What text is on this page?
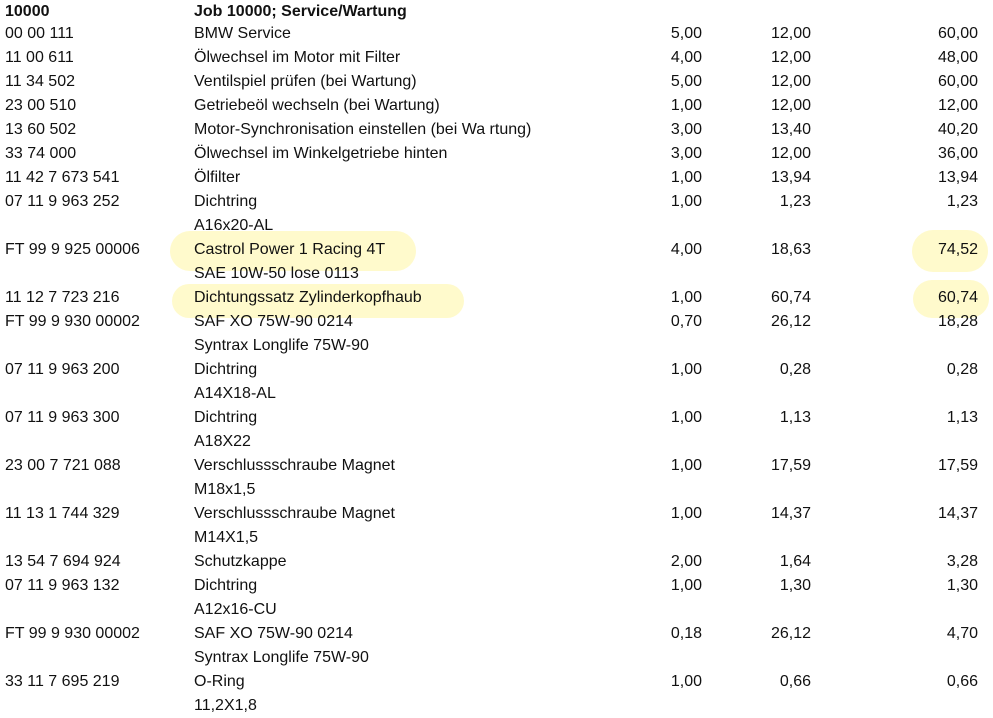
10000	Job 10000; Service/Wartung
00 00 111	BMW Service	5,00	12,00	60,00
11 00 611	Ölwechsel im Motor mit Filter	4,00	12,00	48,00
11 34 502	Ventilspiel prüfen (bei Wartung)	5,00	12,00	60,00
23 00 510	Getriebeöl wechseln (bei Wartung)	1,00	12,00	12,00
13 60 502	Motor-Synchronisation einstellen (bei Wa rtung)	3,00	13,40	40,20
33 74 000	Ölwechsel im Winkelgetriebe hinten	3,00	12,00	36,00
11 42 7 673 541	Ölfilter	1,00	13,94	13,94
07 11 9 963 252	Dichtring	1,00	1,23	1,23
A16x20-AL
FT 99 9 925 00006	Castrol Power 1 Racing 4T	4,00	18,63	74,52
SAE 10W-50 lose 0113
11 12 7 723 216	Dichtungssatz Zylinderkopfhaub	1,00	60,74	60,74
FT 99 9 930 00002	SAF XO 75W-90 0214	0,70	26,12	18,28
Syntrax Longlife 75W-90
07 11 9 963 200	Dichtring	1,00	0,28	0,28
A14X18-AL
07 11 9 963 300	Dichtring	1,00	1,13	1,13
A18X22
23 00 7 721 088	Verschlussschraube Magnet	1,00	17,59	17,59
M18x1,5
11 13 1 744 329	Verschlussschraube Magnet	1,00	14,37	14,37
M14X1,5
13 54 7 694 924	Schutzkappe	2,00	1,64	3,28
07 11 9 963 132	Dichtring	1,00	1,30	1,30
A12x16-CU
FT 99 9 930 00002	SAF XO 75W-90 0214	0,18	26,12	4,70
Syntrax Longlife 75W-90
33 11 7 695 219	O-Ring	1,00	0,66	0,66
11,2X1,8
